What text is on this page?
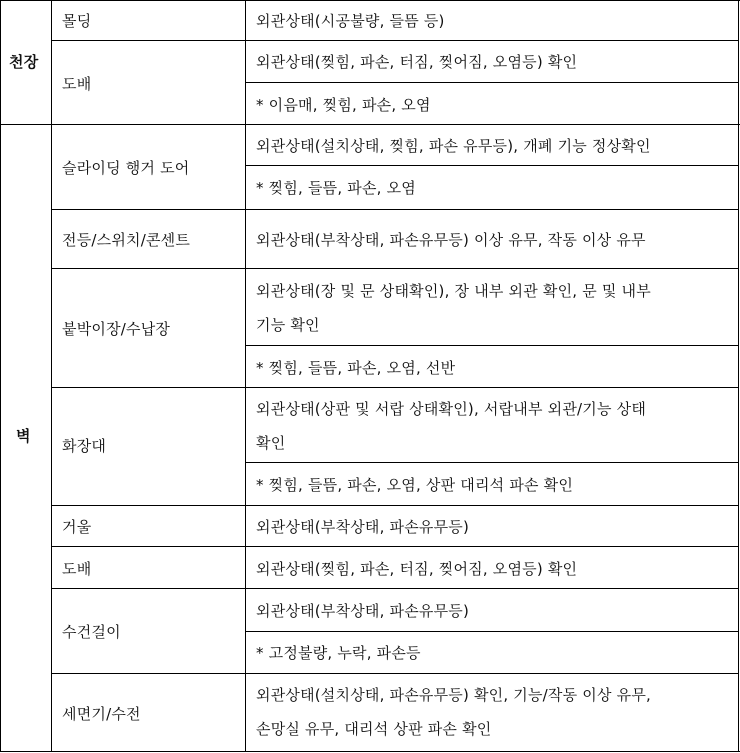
천장
벽
몰딩
도배
슬라이딩 행거 도어
전등/스위치/콘센트
붙박이장/수납장
화장대
거울
도배
수건걸이
세면기/수전
외관상태(시공불량, 들뜸 등)
외관상태(찢힘, 파손, 터짐, 찢어짐, 오염등) 확인
* 이음매, 찢힘, 파손, 오염
외관상태(설치상태, 찢힘, 파손 유무등), 개폐 기능 정상확인
* 찢힘, 들뜸, 파손, 오염
외관상태(부착상태, 파손유무등) 이상 유무, 작동 이상 유무
외관상태(장 및 문 상태확인), 장 내부 외관 확인, 문 및 내부
기능 확인
* 찢힘, 들뜸, 파손, 오염, 선반
외관상태(상판 및 서랍 상태확인), 서랍내부 외관/기능 상태
확인
* 찢힘, 들뜸, 파손, 오염, 상판 대리석 파손 확인
외관상태(부착상태, 파손유무등)
외관상태(찢힘, 파손, 터짐, 찢어짐, 오염등) 확인
외관상태(부착상태, 파손유무등)
* 고정불량, 누락, 파손등
외관상태(설치상태, 파손유무등) 확인, 기능/작동 이상 유무,
손망실 유무, 대리석 상판 파손 확인
